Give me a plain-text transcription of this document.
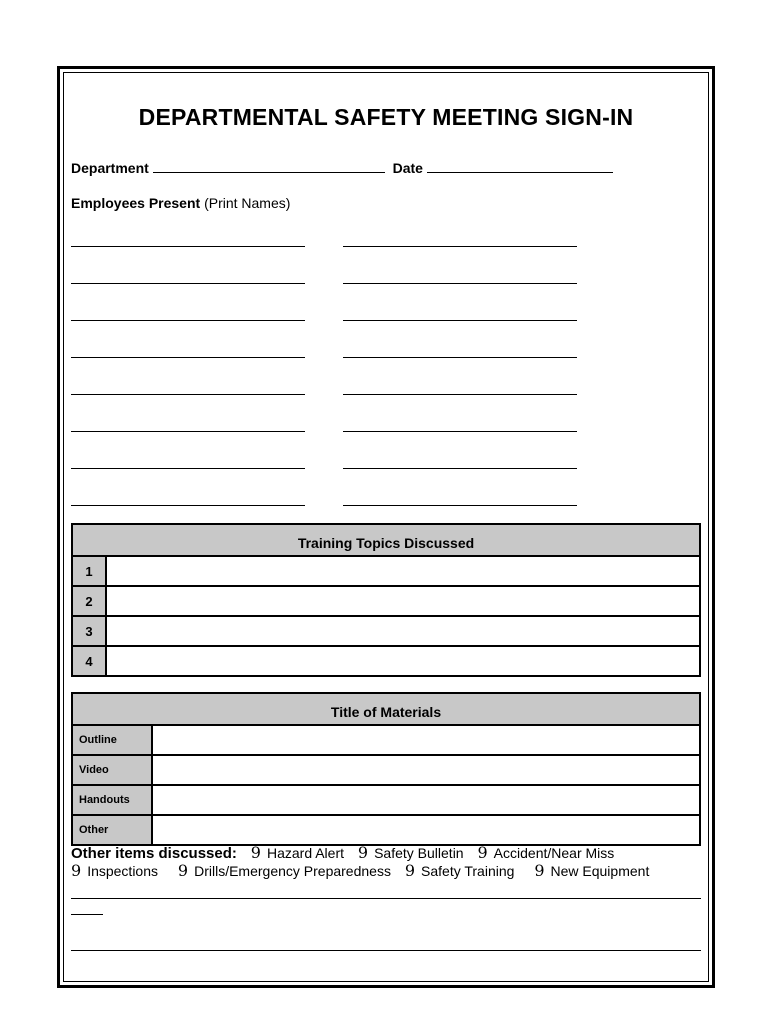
DEPARTMENTAL SAFETY MEETING SIGN-IN
Department	Date
Employees Present (Print Names)
Training Topics Discussed
1
2
3
4
Title of Materials
Outline
Video
Handouts
Other
Other items discussed: 9 Hazard Alert 9 Safety Bulletin 9 Accident/Near Miss
9 Inspections 9 Drills/Emergency Preparedness 9 Safety Training 9 New Equipment
